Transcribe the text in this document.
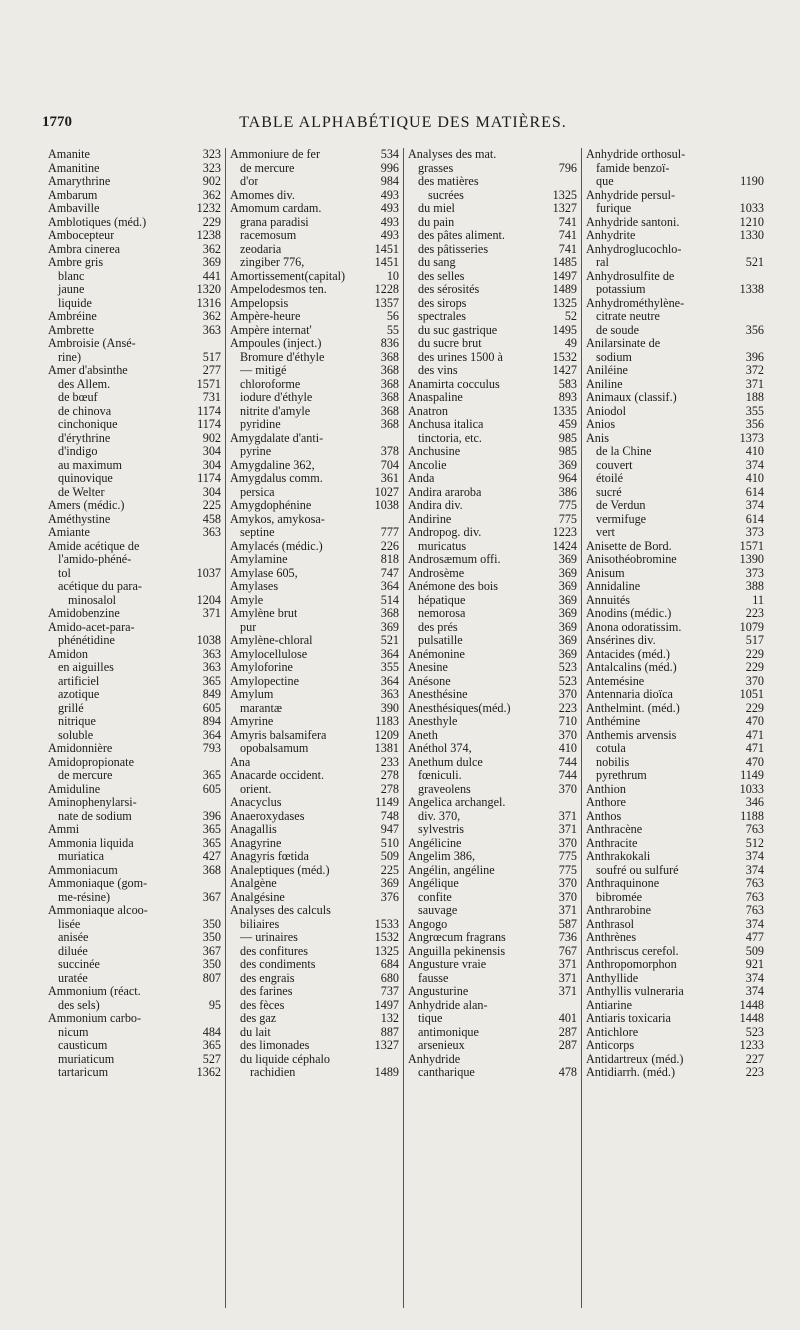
1770	TABLE ALPHABÉTIQUE DES MATIÈRES.
Amanite	323
Amanitine	323
Amarythrine	902
Ambarum	362
Ambaville	1232
Amblotiques (méd.)	229
Ambocepteur	1238
Ambra cinerea	362
Ambre gris	369
blanc	441
jaune	1320
liquide	1316
Ambréine	362
Ambrette	363
Ambroisie (Ansé-
rine)	517
Amer d'absinthe	277
des Allem.	1571
de bœuf	731
de chinova	1174
cinchonique	1174
d'érythrine	902
d'indigo	304
au maximum	304
quinovique	1174
de Welter	304
Amers (médic.)	225
Améthystine	458
Amiante	363
Amide acétique de
l'amido-phéné-
tol	1037
acétique du para-
minosalol	1204
Amidobenzine	371
Amido-acet-para-
phénétidine	1038
Amidon	363
en aiguilles	363
artificiel	365
azotique	849
grillé	605
nitrique	894
soluble	364
Amidonnière	793
Amidopropionate
de mercure	365
Amiduline	605
Aminophenylarsi-
nate de sodium	396
Ammi	365
Ammonia liquida	365
muriatica	427
Ammoniacum	368
Ammoniaque (gom-
me-résine)	367
Ammoniaque alcoo-
lisée	350
anisée	350
diluée	367
succinée	350
uratée	807
Ammonium (réact.
des sels)	95
Ammonium carbo-
nicum	484
causticum	365
muriaticum	527
tartaricum	1362
Ammoniure de fer	534
de mercure	996
d'or	984
Amomes div.	493
Amomum cardam.	493
grana paradisi	493
racemosum	493
zeodaria	1451
zingiber 776,	1451
Amortissement(capital)	10
Ampelodesmos ten.	1228
Ampelopsis	1357
Ampère-heure	56
Ampère internat'	55
Ampoules (inject.)	836
Bromure d'éthyle	368
— mitigé	368
chloroforme	368
iodure d'éthyle	368
nitrite d'amyle	368
pyridine	368
Amygdalate d'anti-
pyrine	378
Amygdaline 362,	704
Amygdalus comm.	361
persica	1027
Amygdophénine	1038
Amykos, amykosa-
septine	777
Amylacés (médic.)	226
Amylamine	818
Amylase 605,	747
Amylases	364
Amyle	514
Amylène brut	368
pur	369
Amylène-chloral	521
Amylocellulose	364
Amyloforine	355
Amylopectine	364
Amylum	363
marantæ	390
Amyrine	1183
Amyris balsamifera	1209
opobalsamum	1381
Ana	233
Anacarde occident.	278
orient.	278
Anacyclus	1149
Anaeroxydases	748
Anagallis	947
Anagyrine	510
Anagyris fœtida	509
Analeptiques (méd.)	225
Analgène	369
Analgésine	376
Analyses des calculs
biliaires	1533
— urinaires	1532
des confitures	1325
des condiments	684
des engrais	680
des farines	737
des fèces	1497
des gaz	132
du lait	887
des limonades	1327
du liquide céphalo
rachidien	1489
Analyses des mat.
grasses	796
des matières
sucrées	1325
du miel	1327
du pain	741
des pâtes aliment.	741
des pâtisseries	741
du sang	1485
des selles	1497
des sérosités	1489
des sirops	1325
spectrales	52
du suc gastrique	1495
du sucre brut	49
des urines 1500 à	1532
des vins	1427
Anamirta cocculus	583
Anaspaline	893
Anatron	1335
Anchusa italica	459
tinctoria, etc.	985
Anchusine	985
Ancolie	369
Anda	964
Andira araroba	386
Andira div.	775
Andirine	775
Andropog. div.	1223
muricatus	1424
Androsæmum offi.	369
Androsème	369
Anémone des bois	369
hépatique	369
nemorosa	369
des prés	369
pulsatille	369
Anémonine	369
Anesine	523
Anésone	523
Anesthésine	370
Anesthésiques(méd.)	223
Anesthyle	710
Aneth	370
Anéthol 374,	410
Anethum dulce	744
fœniculi.	744
graveolens	370
Angelica archangel.
div. 370,	371
sylvestris	371
Angélicine	370
Angelim 386,	775
Angélin, angéline	775
Angélique	370
confite	370
sauvage	371
Angogo	587
Angrœcum fragrans	736
Anguilla pekinensis	767
Angusture vraie	371
fausse	371
Angusturine	371
Anhydride alan-
tique	401
antimonique	287
arsenieux	287
Anhydride
cantharique	478
Anhydride orthosul-
famide benzoï-
que	1190
Anhydride persul-
furique	1033
Anhydride santoni.	1210
Anhydrite	1330
Anhydroglucochlo-
ral	521
Anhydrosulfite de
potassium	1338
Anhydrométhylène-
citrate neutre
de soude	356
Anilarsinate de
sodium	396
Aniléine	372
Aniline	371
Animaux (classif.)	188
Aniodol	355
Anios	356
Anis	1373
de la Chine	410
couvert	374
étoilé	410
sucré	614
de Verdun	374
vermifuge	614
vert	373
Anisette de Bord.	1571
Anisothéobromine	1390
Anisum	373
Annidaline	388
Annuités	11
Anodins (médic.)	223
Anona odoratissim.	1079
Ansérines div.	517
Antacides (méd.)	229
Antalcalins (méd.)	229
Antemésine	370
Antennaria dioïca	1051
Anthelmint. (méd.)	229
Anthémine	470
Anthemis arvensis	471
cotula	471
nobilis	470
pyrethrum	1149
Anthion	1033
Anthore	346
Anthos	1188
Anthracène	763
Anthracite	512
Anthrakokali	374
soufré ou sulfuré	374
Anthraquinone	763
bibromée	763
Anthrarobine	763
Anthrasol	374
Anthrènes	477
Anthriscus cerefol.	509
Anthropomorphon	921
Anthyllide	374
Anthyllis vulneraria	374
Antiarine	1448
Antiaris toxicaria	1448
Antichlore	523
Anticorps	1233
Antidartreux (méd.)	227
Antidiarrh. (méd.)	223
